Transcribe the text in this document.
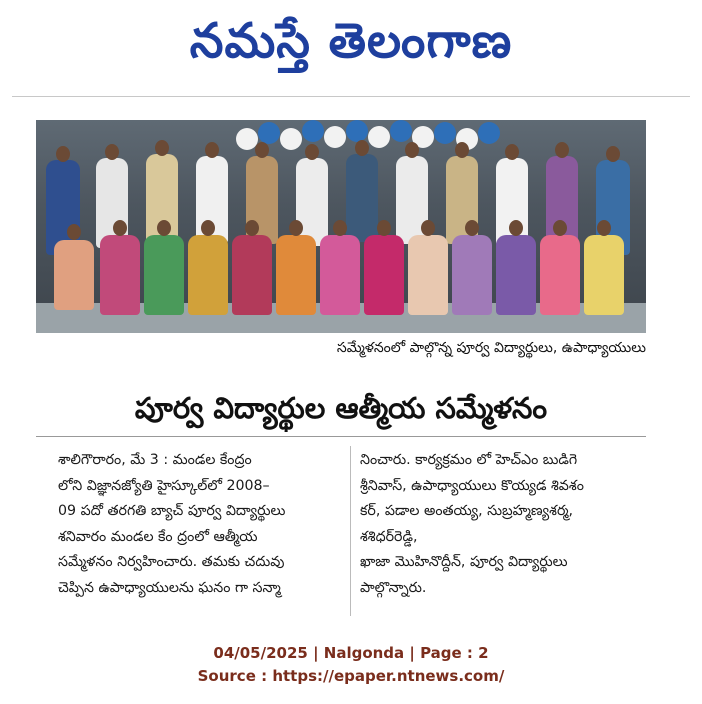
నమస్తే తెలంగాణ
సమ్మేళనంలో పాల్గొన్న పూర్వ విద్యార్థులు, ఉపాధ్యాయులు
పూర్వ విద్యార్థుల ఆత్మీయ సమ్మేళనం

శాలిగౌరారం, మే 3 : మండల కేంద్రం

లోని విజ్ఞానజ్యోతి హైస్కూల్‌లో 2008–

09 పదో తరగతి బ్యాచ్ పూర్వ విద్యార్థులు

శనివారం మండల కేం ద్రంలో ఆత్మీయ

సమ్మేళనం నిర్వహించారు. తమకు చదువు

చెప్పిన ఉపాధ్యాయులను ఘనం గా సన్మా

నించారు. కార్యక్రమం లో హెచ్ఎం బుడిగె

శ్రీనివాస్, ఉపాధ్యాయులు కొయ్యడ శివశం

కర్, పడాల అంతయ్య, సుబ్రహ్మణ్యశర్మ,

శశిధర్‌రెడ్డి,

ఖాజా మొహినొద్దీన్, పూర్వ విద్యార్థులు

పాల్గొన్నారు.

04/05/2025 | Nalgonda | Page : 2
Source : https://epaper.ntnews.com/
